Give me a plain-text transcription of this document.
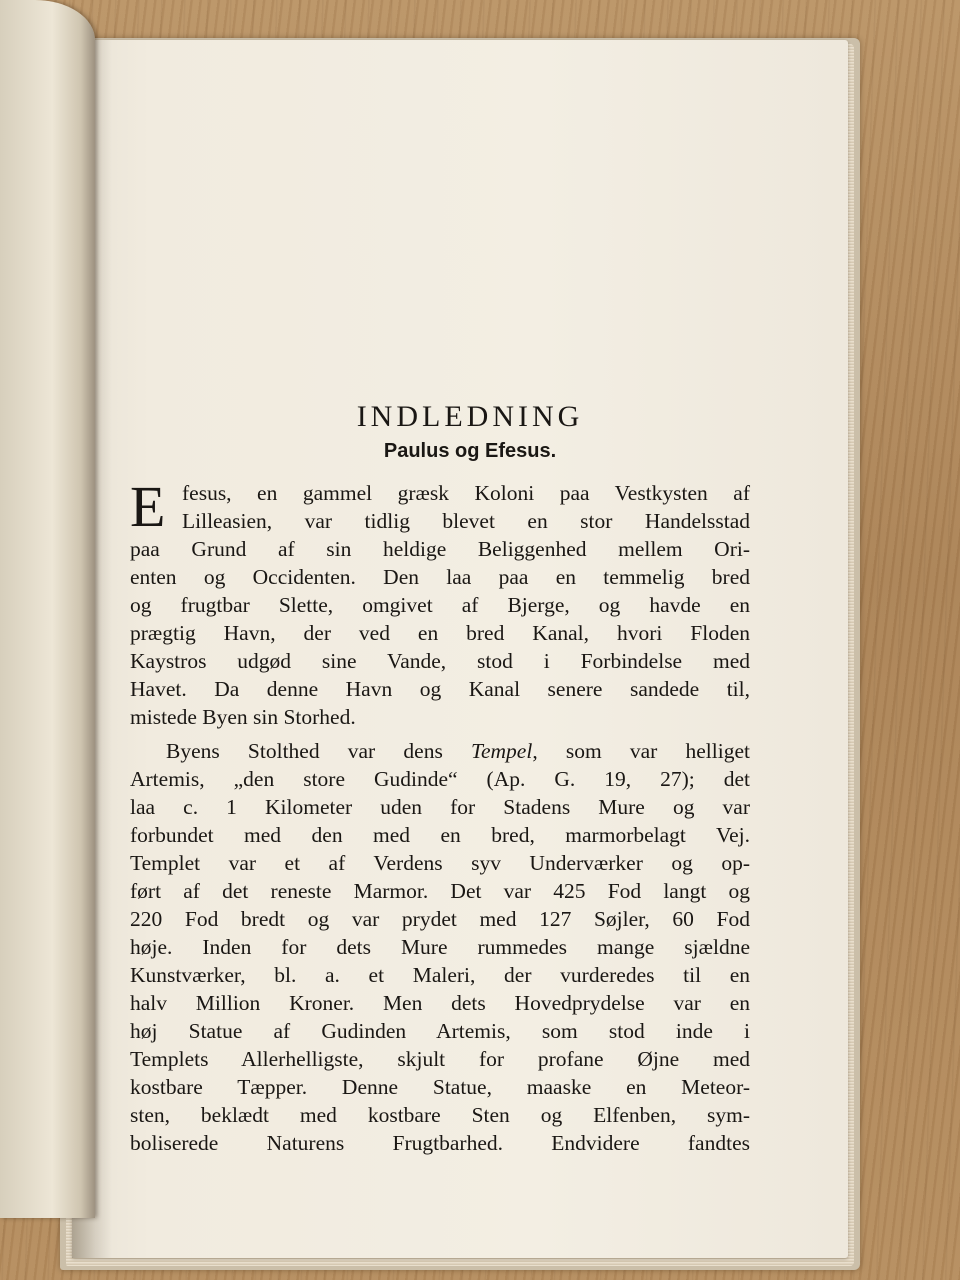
INDLEDNING
Paulus og Efesus.
E fesus, en gammel græsk Koloni paa Vestkysten af
Lilleasien, var tidlig blevet en stor Handelsstad
paa Grund af sin heldige Beliggenhed mellem Ori-
enten og Occidenten. Den laa paa en temmelig bred
og frugtbar Slette, omgivet af Bjerge, og havde en
prægtig Havn, der ved en bred Kanal, hvori Floden
Kaystros udgød sine Vande, stod i Forbindelse med
Havet. Da denne Havn og Kanal senere sandede til,
mistede Byen sin Storhed.
Byens Stolthed var dens Tempel, som var helliget
Artemis, „den store Gudinde“ (Ap. G. 19, 27); det
laa c. 1 Kilometer uden for Stadens Mure og var
forbundet med den med en bred, marmorbelagt Vej.
Templet var et af Verdens syv Underværker og op-
ført af det reneste Marmor. Det var 425 Fod langt og
220 Fod bredt og var prydet med 127 Søjler, 60 Fod
høje. Inden for dets Mure rummedes mange sjældne
Kunstværker, bl. a. et Maleri, der vurderedes til en
halv Million Kroner. Men dets Hovedprydelse var en
høj Statue af Gudinden Artemis, som stod inde i
Templets Allerhelligste, skjult for profane Øjne med
kostbare Tæpper. Denne Statue, maaske en Meteor-
sten, beklædt med kostbare Sten og Elfenben, sym-
boliserede Naturens Frugtbarhed. Endvidere fandtes
